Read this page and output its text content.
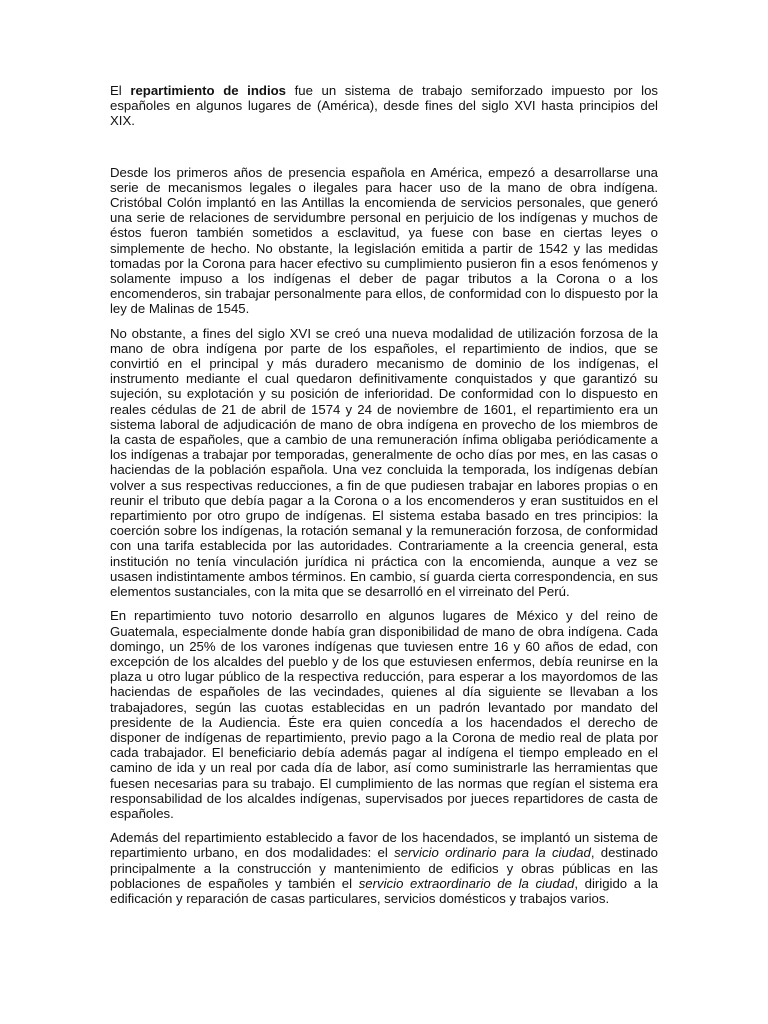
El repartimiento de indios fue un sistema de trabajo semiforzado impuesto por los españoles en algunos lugares de (América), desde fines del siglo XVI hasta principios del XIX.

Desde los primeros años de presencia española en América, empezó a desarrollarse una serie de mecanismos legales o ilegales para hacer uso de la mano de obra indígena. Cristóbal Colón implantó en las Antillas la encomienda de servicios personales, que generó una serie de relaciones de servidumbre personal en perjuicio de los indígenas y muchos de éstos fueron también sometidos a esclavitud, ya fuese con base en ciertas leyes o simplemente de hecho. No obstante, la legislación emitida a partir de 1542 y las medidas tomadas por la Corona para hacer efectivo su cumplimiento pusieron fin a esos fenómenos y solamente impuso a los indígenas el deber de pagar tributos a la Corona o a los encomenderos, sin trabajar personalmente para ellos, de conformidad con lo dispuesto por la ley de Malinas de 1545.

No obstante, a fines del siglo XVI se creó una nueva modalidad de utilización forzosa de la mano de obra indígena por parte de los españoles, el repartimiento de indios, que se convirtió en el principal y más duradero mecanismo de dominio de los indígenas, el instrumento mediante el cual quedaron definitivamente conquistados y que garantizó su sujeción, su explotación y su posición de inferioridad. De conformidad con lo dispuesto en reales cédulas de 21 de abril de 1574 y 24 de noviembre de 1601, el repartimiento era un sistema laboral de adjudicación de mano de obra indígena en provecho de los miembros de la casta de españoles, que a cambio de una remuneración ínfima obligaba periódicamente a los indígenas a trabajar por temporadas, generalmente de ocho días por mes, en las casas o haciendas de la población española. Una vez concluida la temporada, los indígenas debían volver a sus respectivas reducciones, a fin de que pudiesen trabajar en labores propias o en reunir el tributo que debía pagar a la Corona o a los encomenderos y eran sustituidos en el repartimiento por otro grupo de indígenas. El sistema estaba basado en tres principios: la coerción sobre los indígenas, la rotación semanal y la remuneración forzosa, de conformidad con una tarifa establecida por las autoridades. Contrariamente a la creencia general, esta institución no tenía vinculación jurídica ni práctica con la encomienda, aunque a vez se usasen indistintamente ambos términos. En cambio, sí guarda cierta correspondencia, en sus elementos sustanciales, con la mita que se desarrolló en el virreinato del Perú.

En repartimiento tuvo notorio desarrollo en algunos lugares de México y del reino de Guatemala, especialmente donde había gran disponibilidad de mano de obra indígena. Cada domingo, un 25% de los varones indígenas que tuviesen entre 16 y 60 años de edad, con excepción de los alcaldes del pueblo y de los que estuviesen enfermos, debía reunirse en la plaza u otro lugar público de la respectiva reducción, para esperar a los mayordomos de las haciendas de españoles de las vecindades, quienes al día siguiente se llevaban a los trabajadores, según las cuotas establecidas en un padrón levantado por mandato del presidente de la Audiencia. Éste era quien concedía a los hacendados el derecho de disponer de indígenas de repartimiento, previo pago a la Corona de medio real de plata por cada trabajador. El beneficiario debía además pagar al indígena el tiempo empleado en el camino de ida y un real por cada día de labor, así como suministrarle las herramientas que fuesen necesarias para su trabajo. El cumplimiento de las normas que regían el sistema era responsabilidad de los alcaldes indígenas, supervisados por jueces repartidores de casta de españoles.

Además del repartimiento establecido a favor de los hacendados, se implantó un sistema de repartimiento urbano, en dos modalidades: el servicio ordinario para la ciudad, destinado principalmente a la construcción y mantenimiento de edificios y obras públicas en las poblaciones de españoles y también el servicio extraordinario de la ciudad, dirigido a la edificación y reparación de casas particulares, servicios domésticos y trabajos varios.
